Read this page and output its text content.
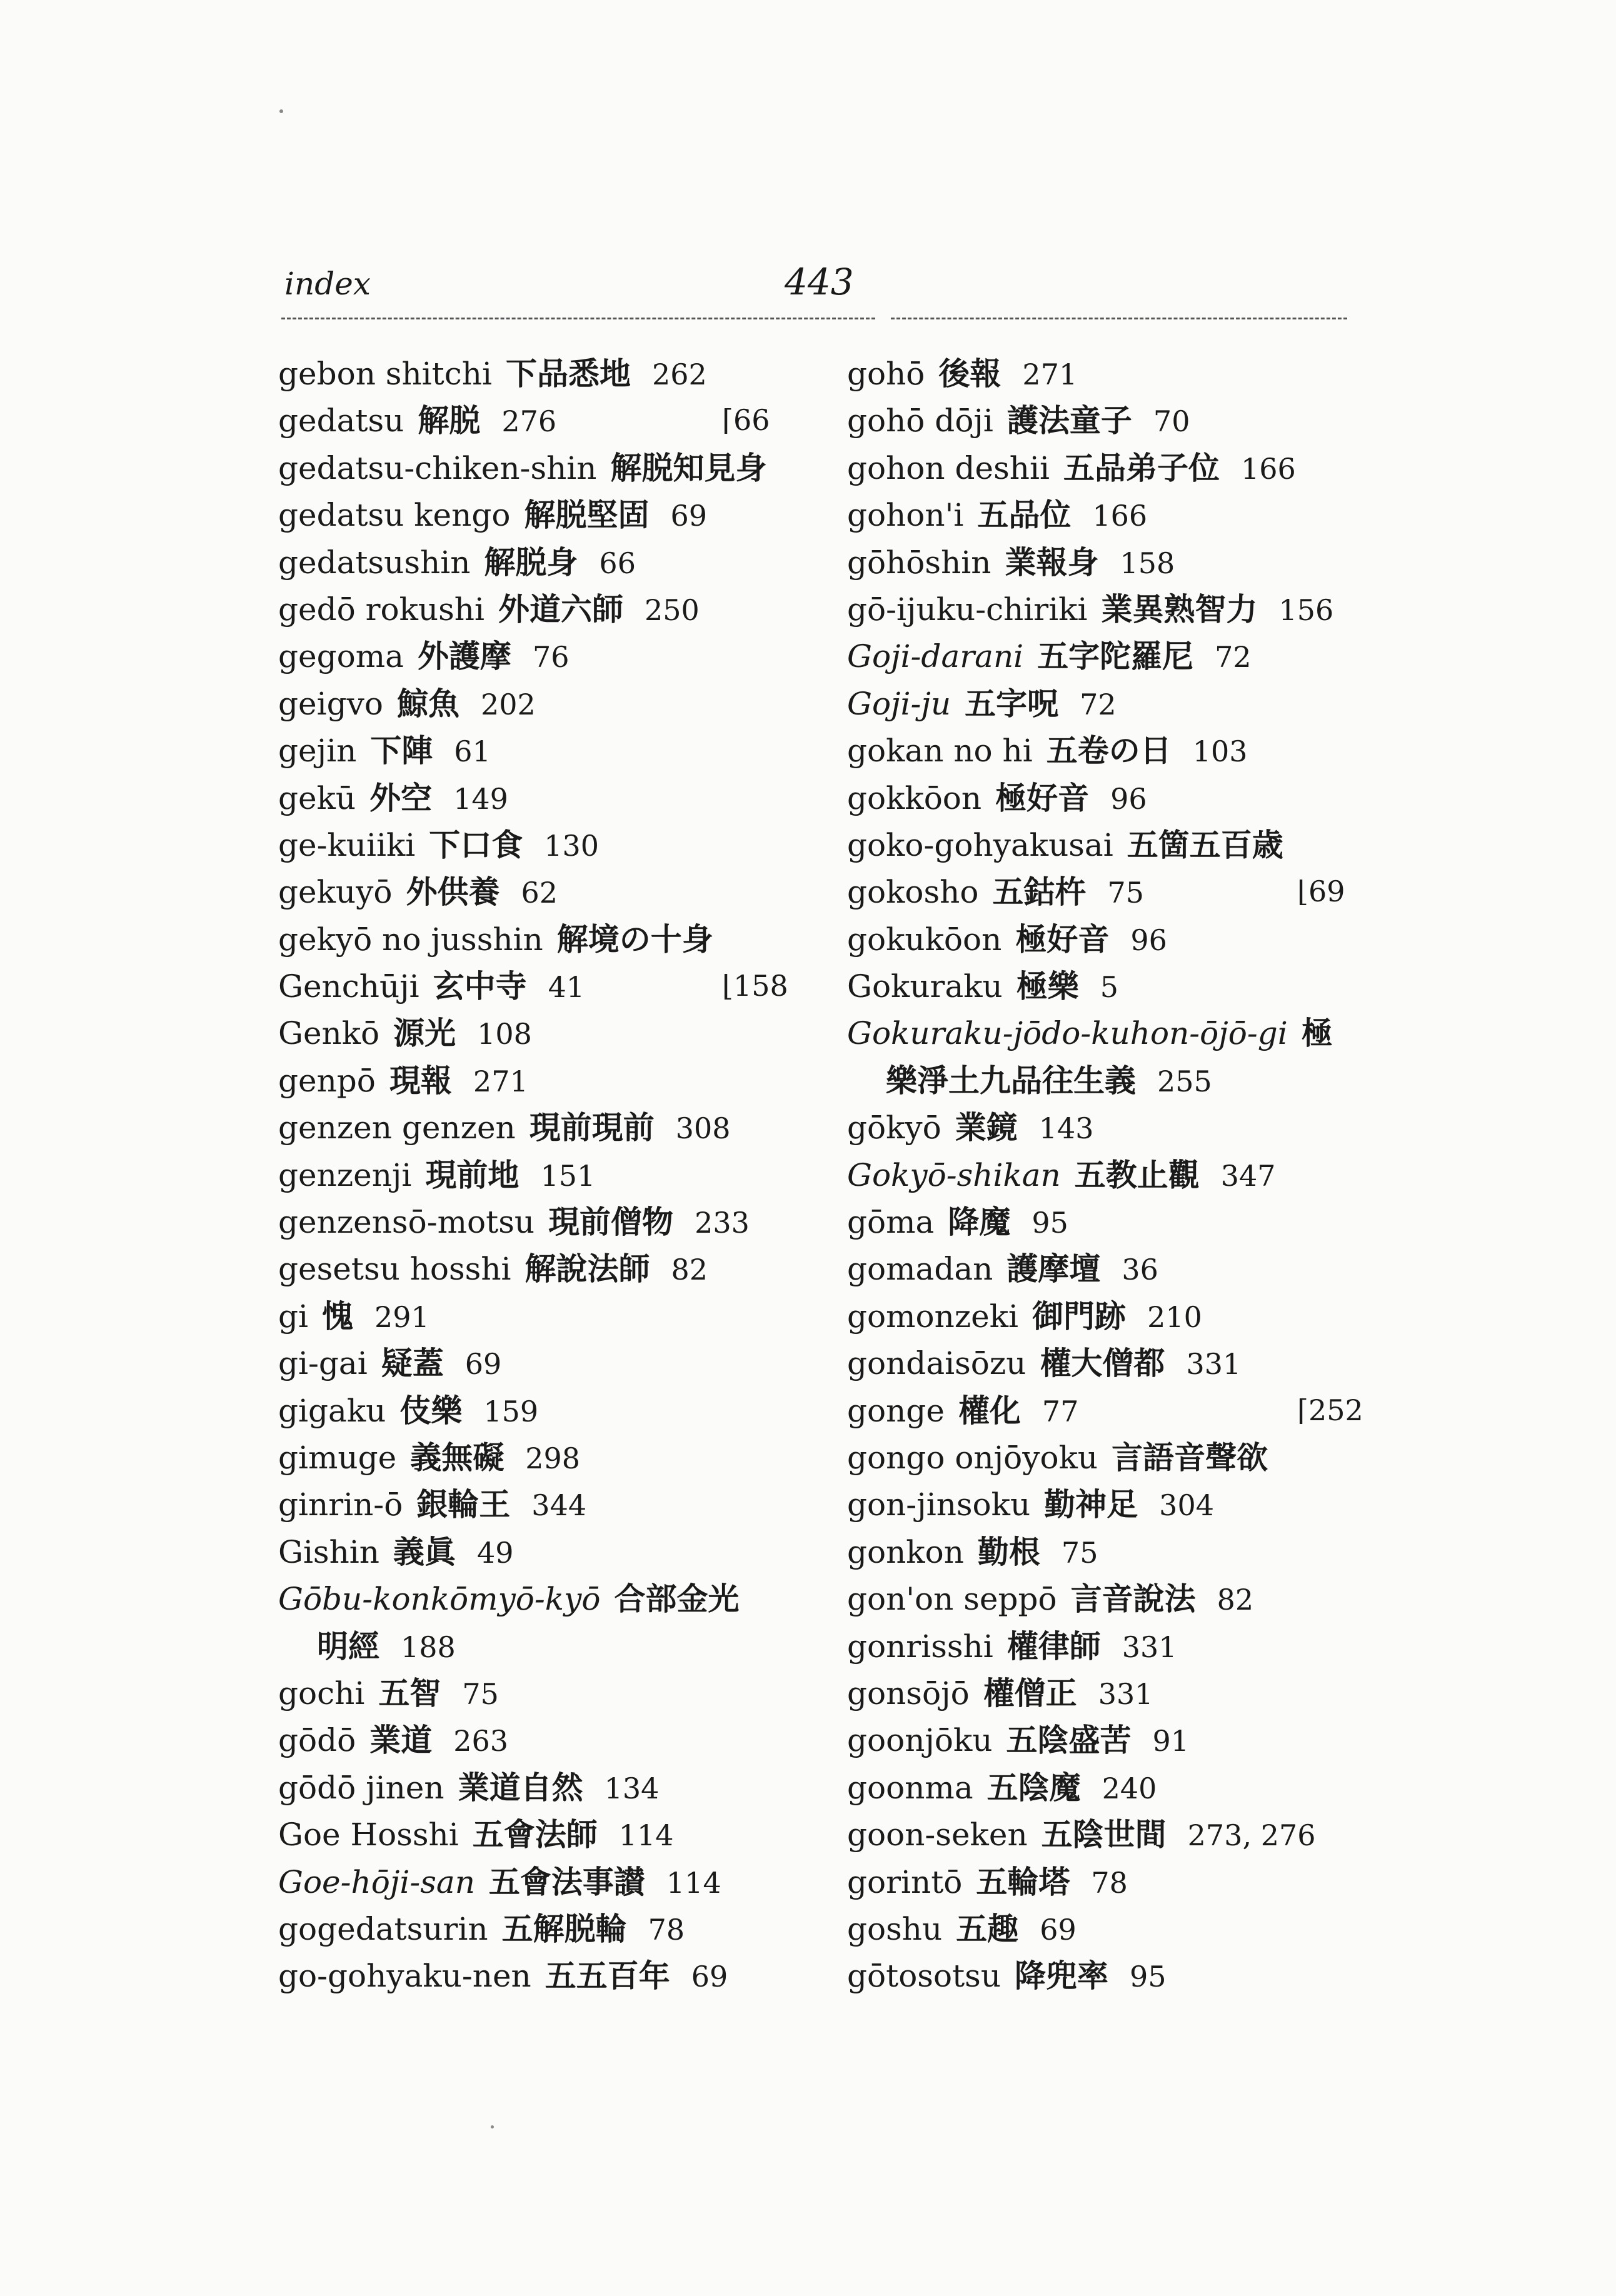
index	443
gebon shitchi 下品悉地 262
gedatsu 解脱 276	⌈66
gedatsu-chiken-shin 解脱知見身
gedatsu kengo 解脱堅固 69
gedatsushin 解脱身 66
gedō rokushi 外道六師 250
gegoma 外護摩 76
geigvo 鯨魚 202
gejin 下陣 61
gekū 外空 149
ge-kuiiki 下口食 130
gekuyō 外供養 62
gekyō no jusshin 解境の十身
Genchūji 玄中寺 41	⌊158
Genkō 源光 108
genpō 現報 271
genzen genzen 現前現前 308
genzenji 現前地 151
genzensō-motsu 現前僧物 233
gesetsu hosshi 解說法師 82
gi 愧 291
gi-gai 疑蓋 69
gigaku 伎樂 159
gimuge 義無礙 298
ginrin-ō 銀輪王 344
Gishin 義眞 49
Gōbu-konkōmyō-kyō 合部金光
明經 188
gochi 五智 75
gōdō 業道 263
gōdō jinen 業道自然 134
Goe Hosshi 五會法師 114
Goe-hōji-san 五會法事讃 114
gogedatsurin 五解脱輪 78
go-gohyaku-nen 五五百年 69
gohō 後報 271
gohō dōji 護法童子 70
gohon deshii 五品弟子位 166
gohon'i 五品位 166
gōhōshin 業報身 158
gō-ijuku-chiriki 業異熟智力 156
Goji-darani 五字陀羅尼 72
Goji-ju 五字呪 72
gokan no hi 五卷の日 103
gokkōon 極好音 96
goko-gohyakusai 五箇五百歳
gokosho 五鈷杵 75	⌊69
gokukōon 極好音 96
Gokuraku 極樂 5
Gokuraku-jōdo-kuhon-ōjō-gi 極
樂淨土九品往生義 255
gōkyō 業鏡 143
Gokyō-shikan 五教止觀 347
gōma 降魔 95
gomadan 護摩壇 36
gomonzeki 御門跡 210
gondaisōzu 權大僧都 331
gonge 權化 77	⌈252
gongo onjōyoku 言語音聲欲
gon-jinsoku 勤神足 304
gonkon 勤根 75
gon'on seppō 言音說法 82
gonrisshi 權律師 331
gonsōjō 權僧正 331
goonjōku 五陰盛苦 91
goonma 五陰魔 240
goon-seken 五陰世間 273, 276
gorintō 五輪塔 78
goshu 五趣 69
gōtosotsu 降兜率 95
